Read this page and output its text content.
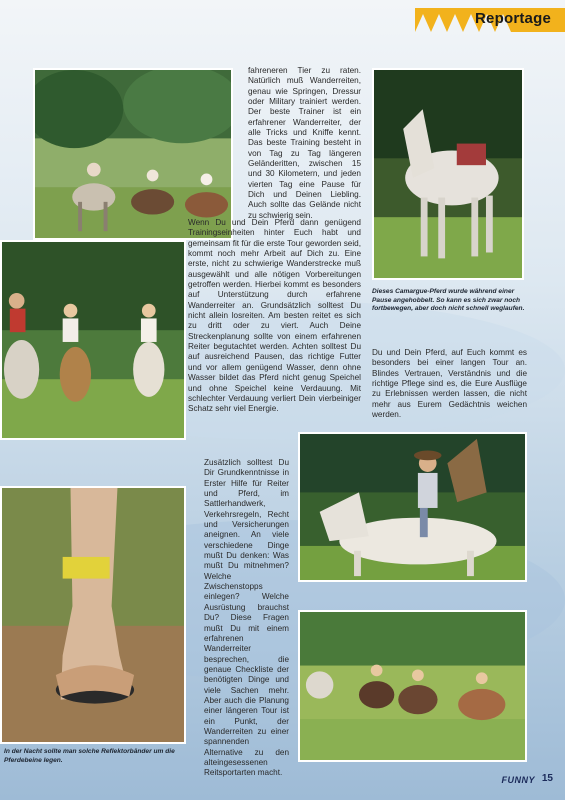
Reportage

fahreneren Tier zu raten. Natürlich muß Wanderreiten, genau wie Springen, Dressur oder Military trainiert werden. Der beste Trainer ist ein erfahrener Wanderreiter, der alle Tricks und Kniffe kennt. Das beste Training besteht in von Tag zu Tag längeren Geländeritten, zwischen 15 und 30 Kilometern, und jeden vierten Tag eine Pause für Dich und Deinen Liebling. Auch sollte das Gelände nicht zu schwierig sein.

Wenn Du und Dein Pferd dann genügend Trainingseinheiten hinter Euch habt und gemeinsam fit für die erste Tour geworden seid, kommt noch mehr Arbeit auf Dich zu. Eine erste, nicht zu schwierige Wanderstrecke muß ausgewählt und alle nötigen Vorbereitungen getroffen werden. Hierbei kommt es besonders auf Unterstützung durch erfahrene Wanderreiter an. Grundsätzlich solltest Du nicht allein losreiten. Am besten reitet es sich zu dritt oder zu viert. Auch Deine Streckenplanung sollte von einem erfahrenen Reiter begutachtet werden. Achten solltest Du auf ausreichend Pausen, das richtige Futter und vor allem genügend Wasser, denn ohne Wasser bildet das Pferd nicht genug Speichel und ohne Speichel keine Verdauung. Mit schlechter Verdauung verliert Dein vierbeiniger Schatz sehr viel Energie.

Zusätzlich solltest Du Dir Grundkenntnisse in Erster Hilfe für Reiter und Pferd, im Sattlerhandwerk, Verkehrsregeln, Recht und Versicherungen aneignen. An viele verschiedene Dinge mußt Du denken: Was mußt Du mitnehmen? Welche Zwischenstopps einlegen? Welche Ausrüstung brauchst Du? Diese Fragen mußt Du mit einem erfahrenen Wanderreiter besprechen, die genaue Checkliste der benötigten Dinge und viele Sachen mehr. Aber auch die Planung einer längeren Tour ist ein Punkt, der Wanderreiten zu einer spannenden Alternative zu den alteingesessenen Reitsportarten macht.

Du und Dein Pferd, auf Euch kommt es besonders bei einer langen Tour an. Blindes Vertrauen, Verständnis und die richtige Pflege sind es, die Eure Ausflüge zu Erlebnissen werden lassen, die nicht mehr aus Eurem Gedächtnis weichen werden.

Dieses Camargue-Pferd wurde während einer Pause angehobbelt. So kann es sich zwar noch fortbewegen, aber doch nicht schnell weglaufen.

In der Nacht sollte man solche Reflektorbänder um die Pferdebeine legen.

FUNNY 15
